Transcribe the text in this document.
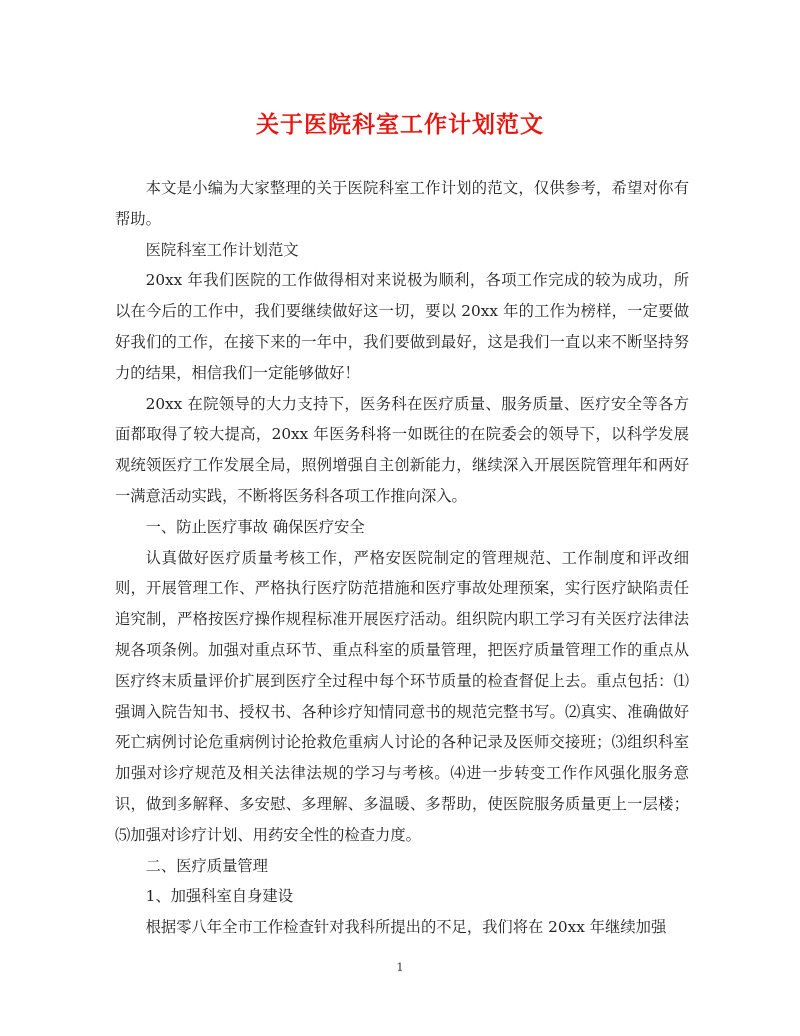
关于医院科室工作计划范文

本文是小编为大家整理的关于医院科室工作计划的范文，仅供参考，希望对你有帮助。

医院科室工作计划范文

20xx 年我们医院的工作做得相对来说极为顺利，各项工作完成的较为成功，所以在今后的工作中，我们要继续做好这一切，要以 20xx 年的工作为榜样，一定要做好我们的工作，在接下来的一年中，我们要做到最好，这是我们一直以来不断坚持努力的结果，相信我们一定能够做好！

20xx 在院领导的大力支持下，医务科在医疗质量、服务质量、医疗安全等各方面都取得了较大提高，20xx 年医务科将一如既往的在院委会的领导下，以科学发展观统领医疗工作发展全局，照例增强自主创新能力，继续深入开展医院管理年和两好一满意活动实践，不断将医务科各项工作推向深入。

一、防止医疗事故 确保医疗安全

认真做好医疗质量考核工作，严格安医院制定的管理规范、工作制度和评改细则，开展管理工作、严格执行医疗防范措施和医疗事故处理预案，实行医疗缺陷责任追究制，严格按医疗操作规程标准开展医疗活动。组织院内职工学习有关医疗法律法规各项条例。加强对重点环节、重点科室的质量管理，把医疗质量管理工作的重点从医疗终末质量评价扩展到医疗全过程中每个环节质量的检查督促上去。重点包括：⑴强调入院告知书、授权书、各种诊疗知情同意书的规范完整书写。⑵真实、准确做好死亡病例讨论危重病例讨论抢救危重病人讨论的各种记录及医师交接班；⑶组织科室加强对诊疗规范及相关法律法规的学习与考核。⑷进一步转变工作作风强化服务意识，做到多解释、多安慰、多理解、多温暖、多帮助，使医院服务质量更上一层楼；⑸加强对诊疗计划、用药安全性的检查力度。

二、医疗质量管理

1、加强科室自身建设

根据零八年全市工作检查针对我科所提出的不足，我们将在 20xx 年继续加强

1
